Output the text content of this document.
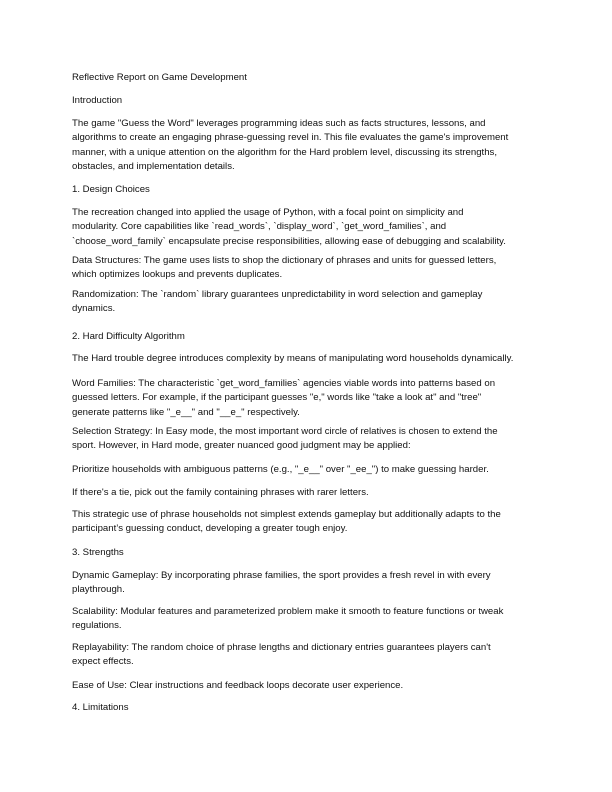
Reflective Report on Game Development
Introduction
The game "Guess the Word" leverages programming ideas such as facts structures, lessons, and
algorithms to create an engaging phrase-guessing revel in. This file evaluates the game's improvement
manner, with a unique attention on the algorithm for the Hard problem level, discussing its strengths,
obstacles, and implementation details.
1. Design Choices
The recreation changed into applied the usage of Python, with a focal point on simplicity and
modularity. Core capabilities like `read_words`, `display_word`, `get_word_families`, and
`choose_word_family` encapsulate precise responsibilities, allowing ease of debugging and scalability.
Data Structures: The game uses lists to shop the dictionary of phrases and units for guessed letters,
which optimizes lookups and prevents duplicates.
Randomization: The `random` library guarantees unpredictability in word selection and gameplay
dynamics.
2. Hard Difficulty Algorithm
The Hard trouble degree introduces complexity by means of manipulating word households dynamically.
Word Families: The characteristic `get_word_families` agencies viable words into patterns based on
guessed letters. For example, if the participant guesses "e," words like "take a look at" and "tree"
generate patterns like "_e__" and "__e_" respectively.
Selection Strategy: In Easy mode, the most important word circle of relatives is chosen to extend the
sport. However, in Hard mode, greater nuanced good judgment may be applied:
Prioritize households with ambiguous patterns (e.g., "_e__" over "_ee_") to make guessing harder.
If there's a tie, pick out the family containing phrases with rarer letters.
This strategic use of phrase households not simplest extends gameplay but additionally adapts to the
participant’s guessing conduct, developing a greater tough enjoy.
3. Strengths
Dynamic Gameplay: By incorporating phrase families, the sport provides a fresh revel in with every
playthrough.
Scalability: Modular features and parameterized problem make it smooth to feature functions or tweak
regulations.
Replayability: The random choice of phrase lengths and dictionary entries guarantees players can't
expect effects.
Ease of Use: Clear instructions and feedback loops decorate user experience.
4. Limitations
